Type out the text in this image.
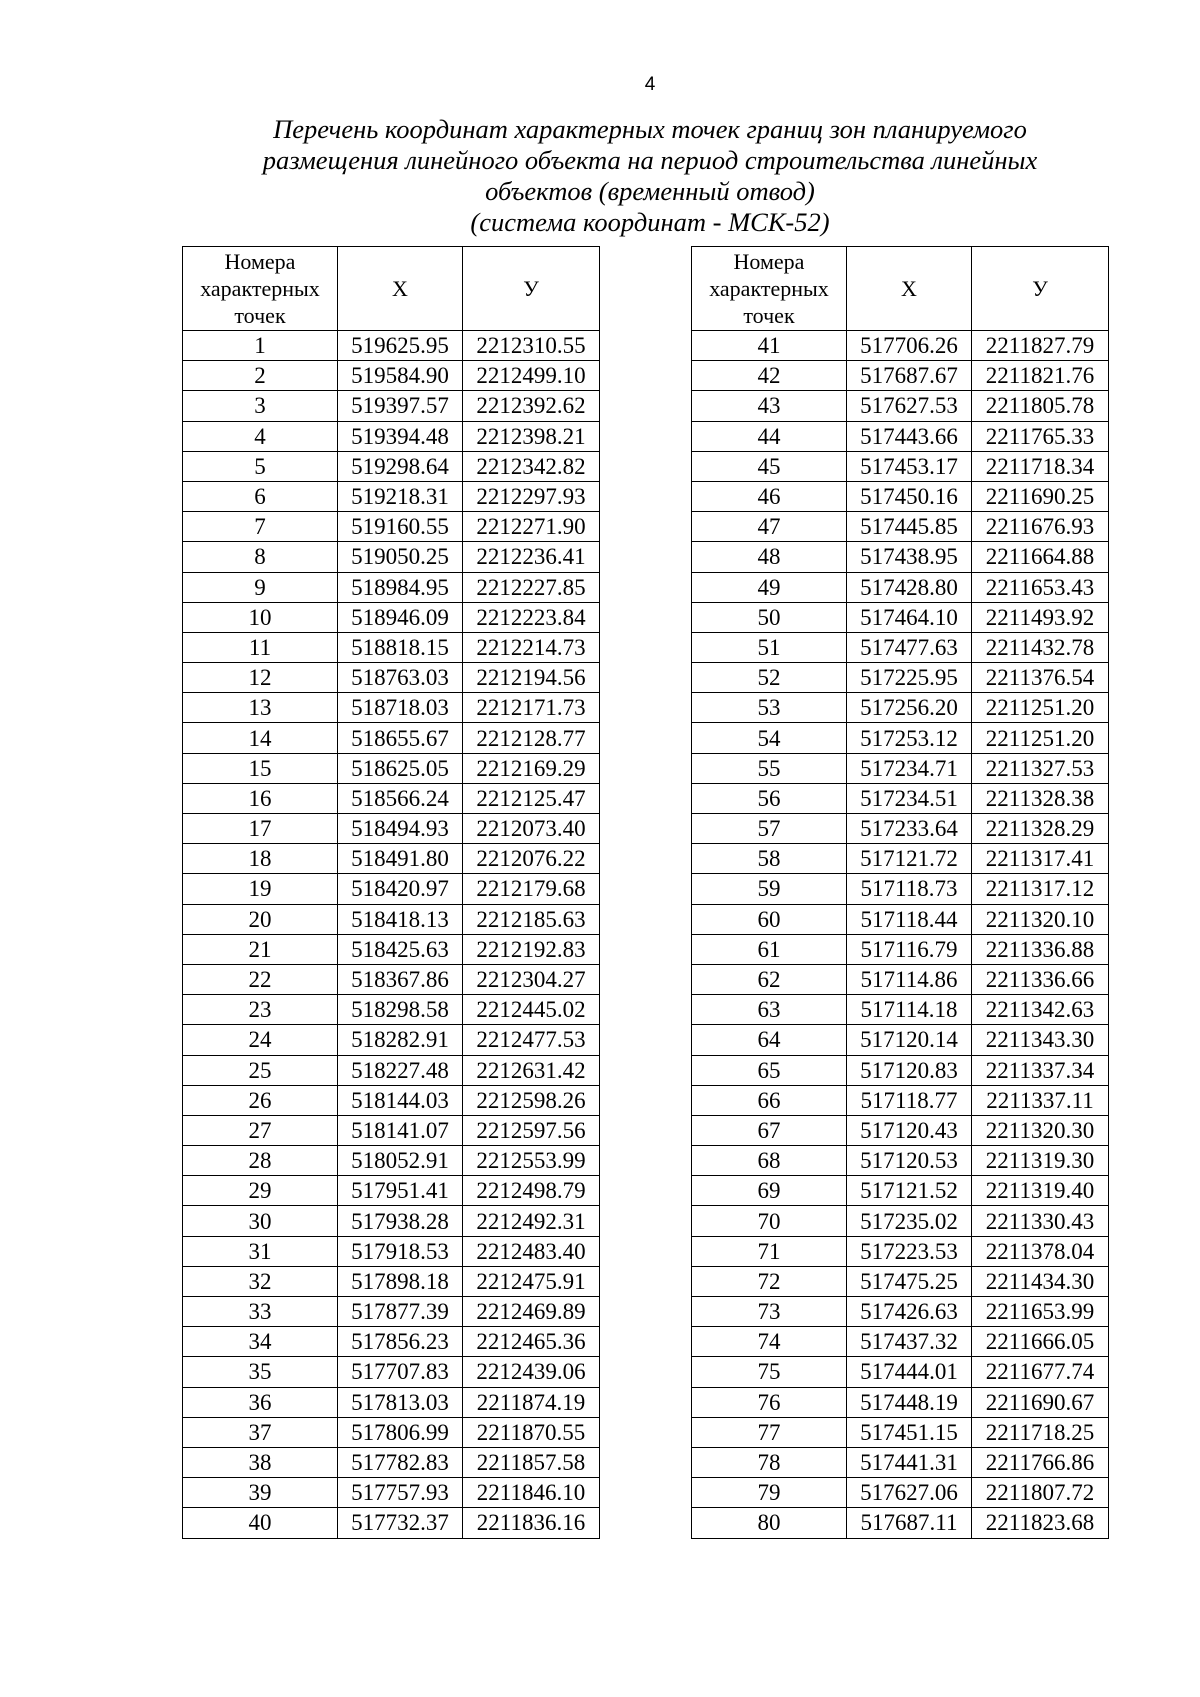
4
Перечень координат характерных точек границ зон планируемого
размещения линейного объекта на период строительства линейных
объектов (временный отвод)
(система координат - МСК-52)
Номера характерных точек	X	У
1	519625.95	2212310.55
2	519584.90	2212499.10
3	519397.57	2212392.62
4	519394.48	2212398.21
5	519298.64	2212342.82
6	519218.31	2212297.93
7	519160.55	2212271.90
8	519050.25	2212236.41
9	518984.95	2212227.85
10	518946.09	2212223.84
11	518818.15	2212214.73
12	518763.03	2212194.56
13	518718.03	2212171.73
14	518655.67	2212128.77
15	518625.05	2212169.29
16	518566.24	2212125.47
17	518494.93	2212073.40
18	518491.80	2212076.22
19	518420.97	2212179.68
20	518418.13	2212185.63
21	518425.63	2212192.83
22	518367.86	2212304.27
23	518298.58	2212445.02
24	518282.91	2212477.53
25	518227.48	2212631.42
26	518144.03	2212598.26
27	518141.07	2212597.56
28	518052.91	2212553.99
29	517951.41	2212498.79
30	517938.28	2212492.31
31	517918.53	2212483.40
32	517898.18	2212475.91
33	517877.39	2212469.89
34	517856.23	2212465.36
35	517707.83	2212439.06
36	517813.03	2211874.19
37	517806.99	2211870.55
38	517782.83	2211857.58
39	517757.93	2211846.10
40	517732.37	2211836.16
Номера характерных точек	X	У
41	517706.26	2211827.79
42	517687.67	2211821.76
43	517627.53	2211805.78
44	517443.66	2211765.33
45	517453.17	2211718.34
46	517450.16	2211690.25
47	517445.85	2211676.93
48	517438.95	2211664.88
49	517428.80	2211653.43
50	517464.10	2211493.92
51	517477.63	2211432.78
52	517225.95	2211376.54
53	517256.20	2211251.20
54	517253.12	2211251.20
55	517234.71	2211327.53
56	517234.51	2211328.38
57	517233.64	2211328.29
58	517121.72	2211317.41
59	517118.73	2211317.12
60	517118.44	2211320.10
61	517116.79	2211336.88
62	517114.86	2211336.66
63	517114.18	2211342.63
64	517120.14	2211343.30
65	517120.83	2211337.34
66	517118.77	2211337.11
67	517120.43	2211320.30
68	517120.53	2211319.30
69	517121.52	2211319.40
70	517235.02	2211330.43
71	517223.53	2211378.04
72	517475.25	2211434.30
73	517426.63	2211653.99
74	517437.32	2211666.05
75	517444.01	2211677.74
76	517448.19	2211690.67
77	517451.15	2211718.25
78	517441.31	2211766.86
79	517627.06	2211807.72
80	517687.11	2211823.68
